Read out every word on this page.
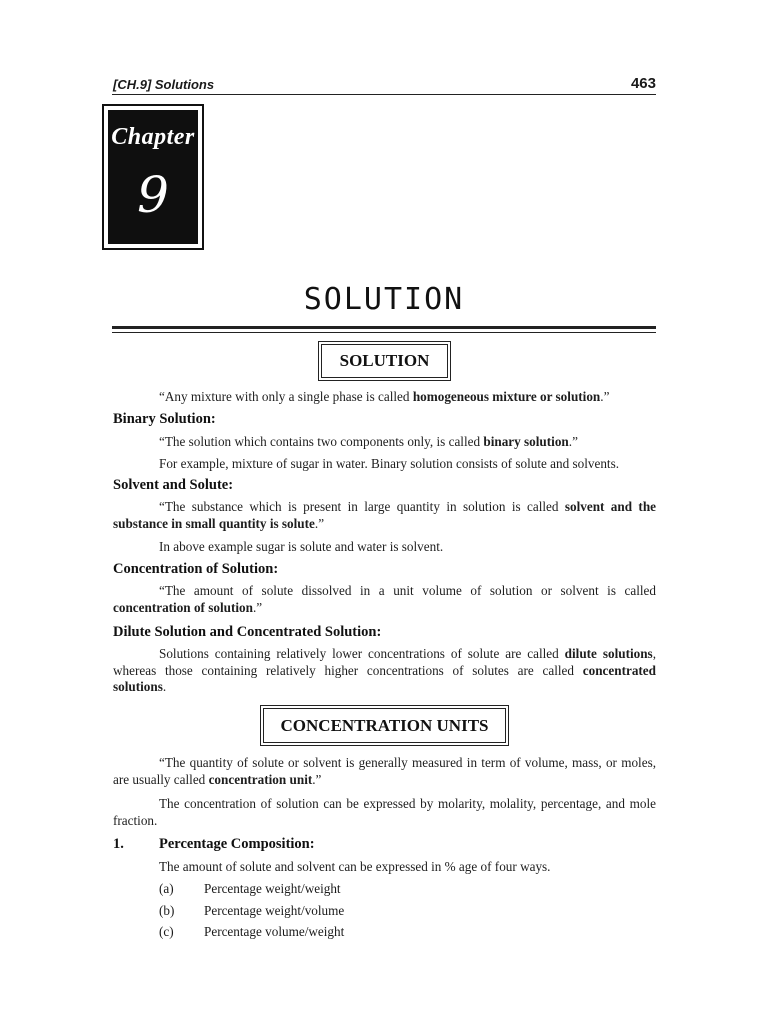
[CH.9] Solutions	463
Chapter
9
SOLUTION
SOLUTION
“Any mixture with only a single phase is called homogeneous mixture or solution.”
Binary Solution:
“The solution which contains two components only, is called binary solution.”
For example, mixture of sugar in water. Binary solution consists of solute and solvents.
Solvent and Solute:
“The substance which is present in large quantity in solution is called solvent and the substance in small quantity is solute.”
In above example sugar is solute and water is solvent.
Concentration of Solution:
“The amount of solute dissolved in a unit volume of solution or solvent is called concentration of solution.”
Dilute Solution and Concentrated Solution:
Solutions containing relatively lower concentrations of solute are called dilute solutions, whereas those containing relatively higher concentrations of solutes are called concentrated solutions.
CONCENTRATION UNITS
“The quantity of solute or solvent is generally measured in term of volume, mass, or moles, are usually called concentration unit.”
The concentration of solution can be expressed by molarity, molality, percentage, and mole fraction.
1. Percentage Composition:
The amount of solute and solvent can be expressed in % age of four ways.
(a) Percentage weight/weight
(b) Percentage weight/volume
(c) Percentage volume/weight
